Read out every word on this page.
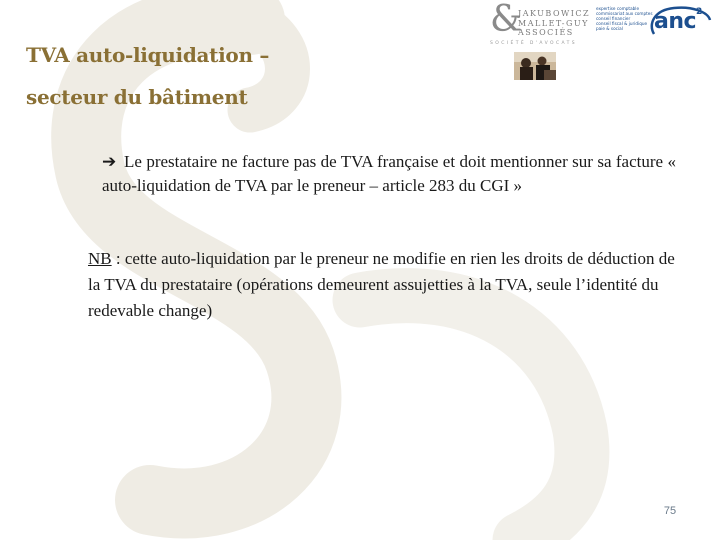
TVA auto-liquidation –
secteur du bâtiment
&
JAKUBOWICZ
MALLET-GUY
ASSOCIÉS
SOCIÉTÉ D'AVOCATS
expertise comptable
commissariat aux comptes
conseil financier
conseil fiscal & juridique
paie & social	anc 2
➔ Le prestataire ne facture pas de TVA française et doit mentionner sur sa facture « auto-liquidation de TVA par le preneur – article 283 du CGI »
NB : cette auto-liquidation par le preneur ne modifie en rien les droits de déduction de la TVA du prestataire (opérations demeurent assujetties à la TVA, seule l’identité du redevable change)
75
